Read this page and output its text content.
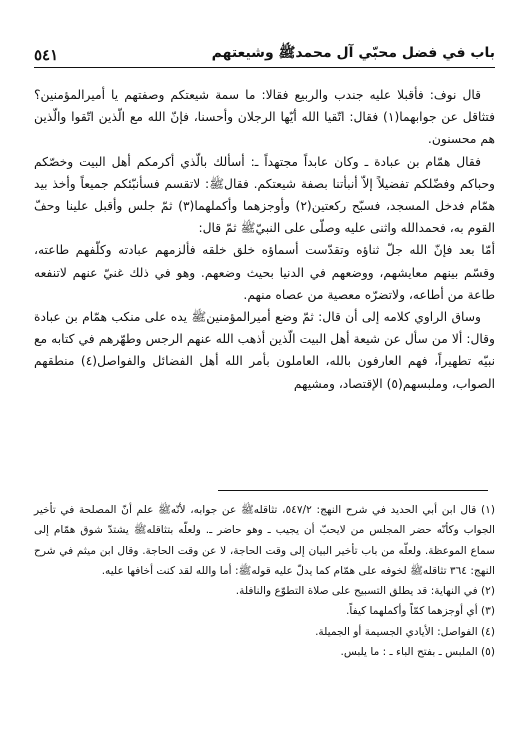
باب في فضل محبّي آل محمدﷺ وشيعتهم
٥٤١

قال نوف: فأقبلا عليه جندب والربيع فقالا: ما سمة شيعتكم وصفتهم يا أميرالمؤمنين؟ فتثاقل عن جوابهما(١) فقال: اتّقيا الله أيّها الرجلان وأحسنا، فإنّ الله مع الّذين اتّقوا والّذين هم محسنون.

فقال همّام بن عبادة ـ وكان عابداً مجتهداً ـ: أسألك بالّذي أكرمكم أهل البيت وخصّكم وحباكم وفضّلكم تفضيلاً إلاّ أنبأتنا بصفة شيعتكم. فقالﷺ: لاتقسم فسأنبّئكم جميعاً وأخذ بيد همّام فدخل المسجد، فسبّح ركعتين(٢) وأوجزهما وأكملهما(٣) ثمّ جلس وأقبل علينا وحفّ القوم به، فحمدالله واثنى عليه وصلّى على النبيّﷺ ثمّ قال:

أمّا بعد فإنّ الله جلّ ثناؤه وتقدّست أسماؤه خلق خلقه فألزمهم عبادته وكلّفهم طاعته، وقسّم بينهم معايشهم، ووضعهم في الدنيا بحيث وضعهم. وهو في ذلك غنيّ عنهم لاتنفعه طاعة من أطاعه، ولاتضرّه معصية من عصاه منهم.

وساق الراوي كلامه إلى أن قال: ثمّ وضع أميرالمؤمنينﷺ يده على منكب همّام بن عبادة وقال: ألا من سأل عن شيعة أهل البيت الّذين أذهب الله عنهم الرجس وطهّرهم في كتابه مع نبيّه تطهيراً، فهم العارفون بالله، العاملون بأمر الله أهل الفضائل والفواصل(٤) منطقهم الصواب، وملبسهم(٥) الإقتصاد، ومشيهم

(١) قال ابن أبي الحديد في شرح النهج: ٥٤٧/٢، تثاقلهﷺ عن جوابه، لأنّهﷺ علم أنّ المصلحة في تأخير الجواب وكأنّه حضر المجلس من لايحبّ أن يجيب ـ وهو حاضر ـ. ولعلّه بتثاقلهﷺ يشتدّ شوق همّام إلى سماع الموعظة. ولعلّه من باب تأخير البيان إلى وقت الحاجة، لا عن وقت الحاجة. وقال ابن ميثم في شرح النهج: ٣٦٤ تثاقلهﷺ لخوفه على همّام كما يدلّ عليه قولهﷺ: أما والله لقد كنت أخافها عليه.

(٢) في النهاية: قد يطلق التسبيح على صلاة التطوّع والنافلة.

(٣) أي أوجزهما كمّاً وأكملهما كيفاً.

(٤) الفواصل: الأيادي الجسيمة أو الجميلة.

(٥) الملبس ـ بفتح الباء ـ : ما يلبس.
